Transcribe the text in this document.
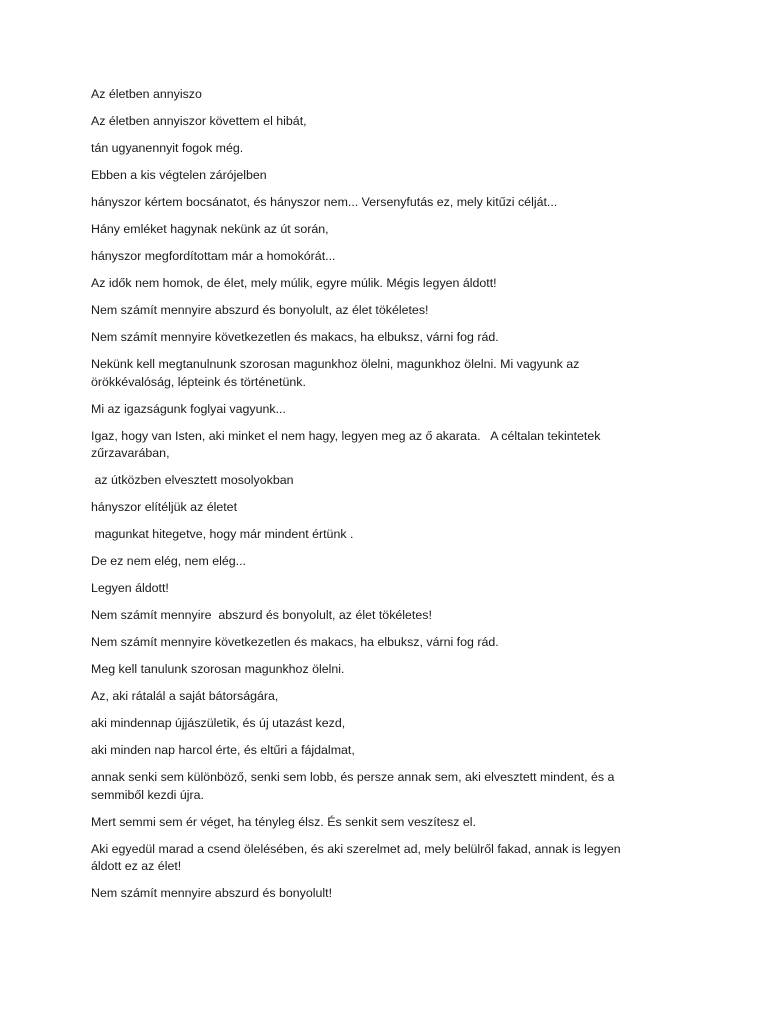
Az életben annyiszo

Az életben annyiszor követtem el hibát,

tán ugyanennyit fogok még.

Ebben a kis végtelen zárójelben

hányszor kértem bocsánatot, és hányszor nem... Versenyfutás ez, mely kitűzi célját...

Hány emléket hagynak nekünk az út során,

hányszor megfordítottam már a homokórát...

Az idők nem homok, de élet, mely múlik, egyre múlik. Mégis legyen áldott!

Nem számít mennyire abszurd és bonyolult, az élet tökéletes!

Nem számít mennyire következetlen és makacs, ha elbuksz, várni fog rád.

Nekünk kell megtanulnunk szorosan magunkhoz ölelni, magunkhoz ölelni. Mi vagyunk az örökkévalóság, lépteink és történetünk.

Mi az igazságunk foglyai vagyunk...

Igaz, hogy van Isten, aki minket el nem hagy, legyen meg az ő akarata.   A céltalan tekintetek zűrzavarában,

az útközben elvesztett mosolyokban

hányszor elítéljük az életet

magunkat hitegetve, hogy már mindent értünk .

De ez nem elég, nem elég...

Legyen áldott!

Nem számít mennyire  abszurd és bonyolult, az élet tökéletes!

Nem számít mennyire következetlen és makacs, ha elbuksz, várni fog rád.

Meg kell tanulunk szorosan magunkhoz ölelni.

Az, aki rátalál a saját bátorságára,

aki mindennap újjászületik, és új utazást kezd,

aki minden nap harcol érte, és eltűri a fájdalmat,

annak senki sem különböző, senki sem lobb, és persze annak sem, aki elvesztett mindent, és a semmiből kezdi újra.

Mert semmi sem ér véget, ha tényleg élsz. És senkit sem veszítesz el.

Aki egyedül marad a csend ölelésében, és aki szerelmet ad, mely belülről fakad, annak is legyen áldott ez az élet!

Nem számít mennyire abszurd és bonyolult!
